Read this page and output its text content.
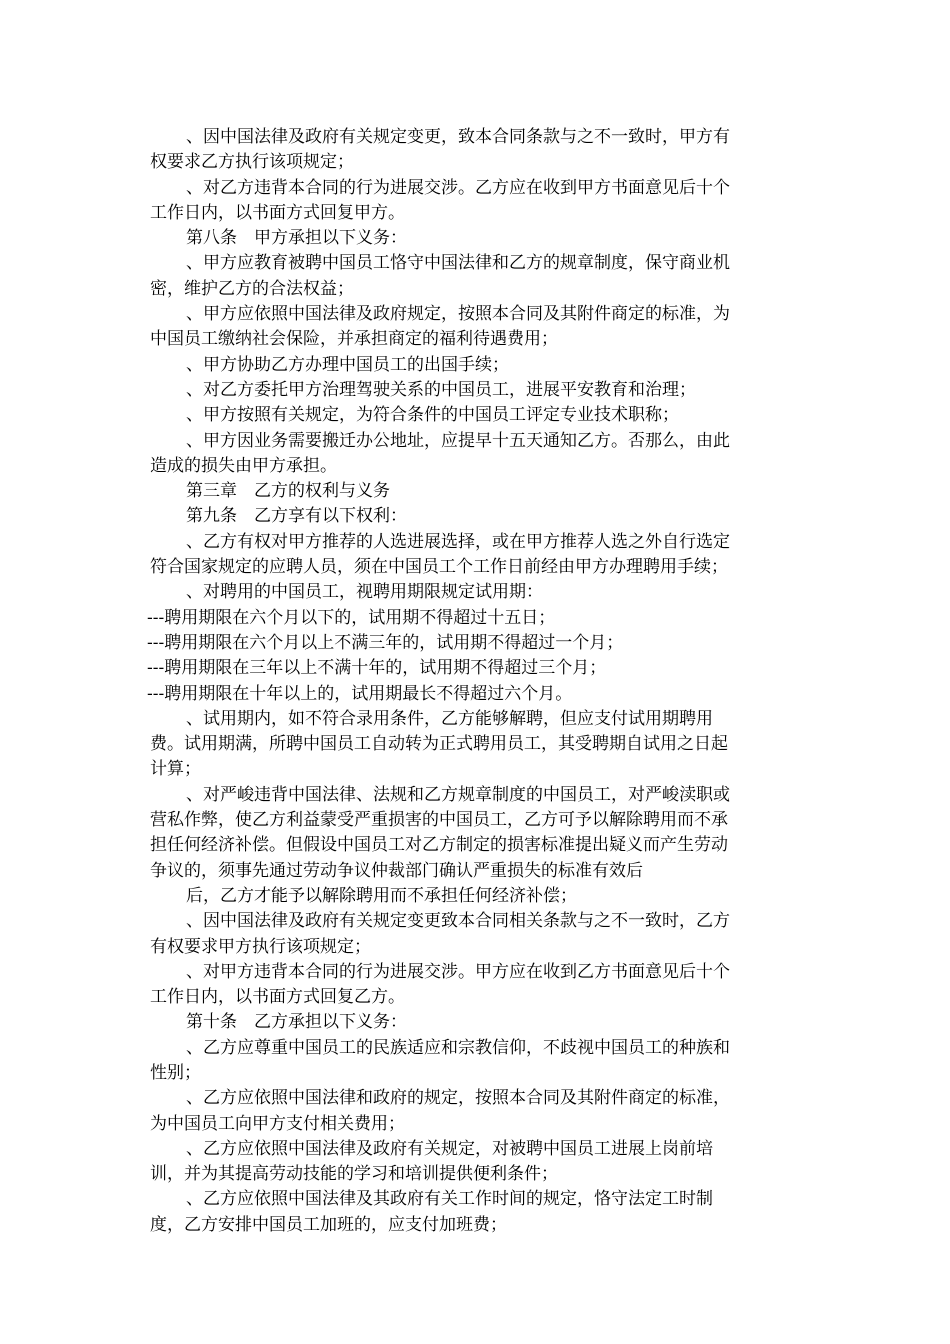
、因中国法律及政府有关规定变更，致本合同条款与之不一致时，甲方有
权要求乙方执行该项规定；
、对乙方违背本合同的行为进展交涉。乙方应在收到甲方书面意见后十个
工作日内，以书面方式回复甲方。
第八条　甲方承担以下义务：
、甲方应教育被聘中国员工恪守中国法律和乙方的规章制度，保守商业机
密，维护乙方的合法权益；
、甲方应依照中国法律及政府规定，按照本合同及其附件商定的标准，为
中国员工缴纳社会保险，并承担商定的福利待遇费用；
、甲方协助乙方办理中国员工的出国手续；
、对乙方委托甲方治理驾驶关系的中国员工，进展平安教育和治理；
、甲方按照有关规定，为符合条件的中国员工评定专业技术职称；
、甲方因业务需要搬迁办公地址，应提早十五天通知乙方。否那么，由此
造成的损失由甲方承担。
第三章　乙方的权利与义务
第九条　乙方享有以下权利：
、乙方有权对甲方推荐的人选进展选择，或在甲方推荐人选之外自行选定
符合国家规定的应聘人员，须在中国员工个工作日前经由甲方办理聘用手续；
、对聘用的中国员工，视聘用期限规定试用期：
---聘用期限在六个月以下的，试用期不得超过十五日；
---聘用期限在六个月以上不满三年的，试用期不得超过一个月；
---聘用期限在三年以上不满十年的，试用期不得超过三个月；
---聘用期限在十年以上的，试用期最长不得超过六个月。
、试用期内，如不符合录用条件，乙方能够解聘，但应支付试用期聘用
费。试用期满，所聘中国员工自动转为正式聘用员工，其受聘期自试用之日起
计算；
、对严峻违背中国法律、法规和乙方规章制度的中国员工，对严峻渎职或
营私作弊，使乙方利益蒙受严重损害的中国员工，乙方可予以解除聘用而不承
担任何经济补偿。但假设中国员工对乙方制定的损害标准提出疑义而产生劳动
争议的，须事先通过劳动争议仲裁部门确认严重损失的标准有效后
后，乙方才能予以解除聘用而不承担任何经济补偿；
、因中国法律及政府有关规定变更致本合同相关条款与之不一致时，乙方
有权要求甲方执行该项规定；
、对甲方违背本合同的行为进展交涉。甲方应在收到乙方书面意见后十个
工作日内，以书面方式回复乙方。
第十条　乙方承担以下义务：
、乙方应尊重中国员工的民族适应和宗教信仰，不歧视中国员工的种族和
性别；
、乙方应依照中国法律和政府的规定，按照本合同及其附件商定的标准，
为中国员工向甲方支付相关费用；
、乙方应依照中国法律及政府有关规定，对被聘中国员工进展上岗前培
训，并为其提高劳动技能的学习和培训提供便利条件；
、乙方应依照中国法律及其政府有关工作时间的规定，恪守法定工时制
度，乙方安排中国员工加班的，应支付加班费；
